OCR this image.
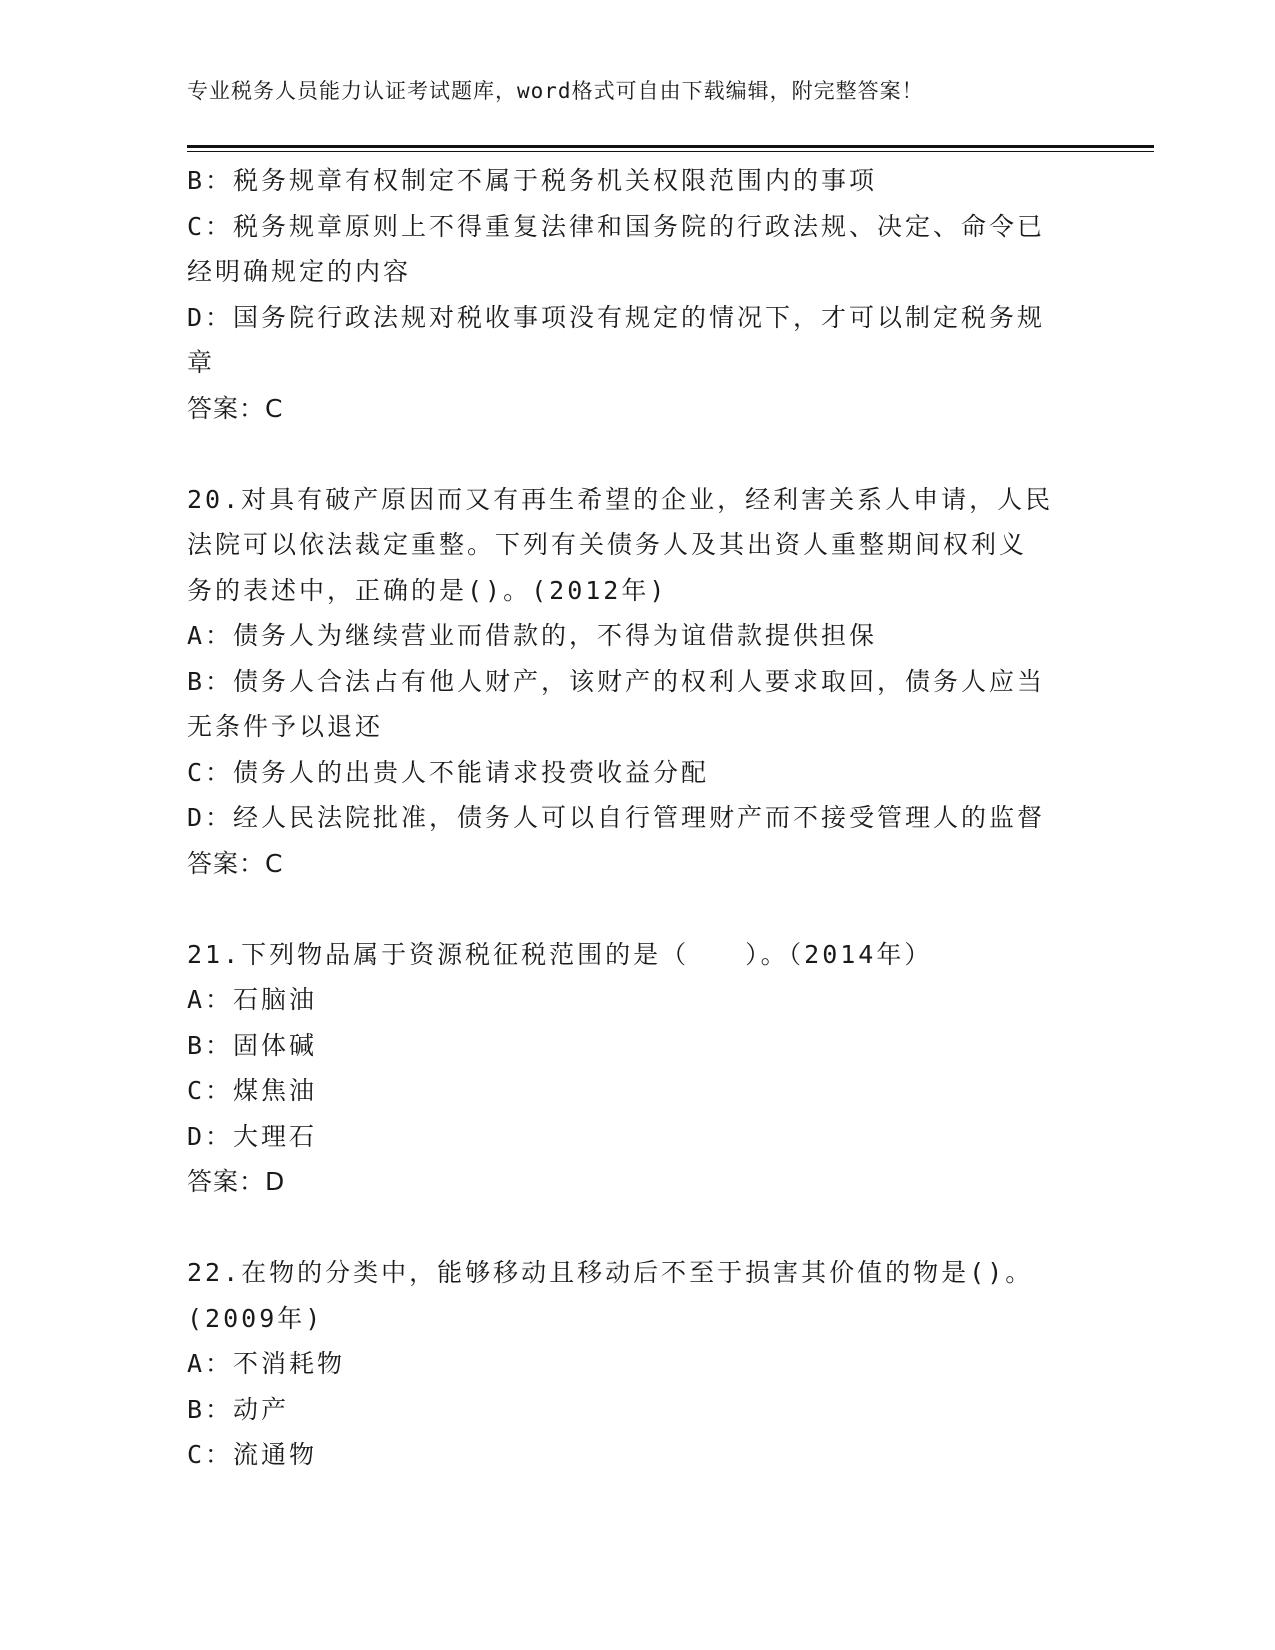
专业税务人员能力认证考试题库，word格式可自由下载编辑，附完整答案！
B：税务规章有权制定不属于税务机关权限范围内的事项
C：税务规章原则上不得重复法律和国务院的行政法规、决定、命令已
经明确规定的内容
D：国务院行政法规对税收事项没有规定的情况下，才可以制定税务规
章
答案：C
20.对具有破产原因而又有再生希望的企业，经利害关系人申请，人民
法院可以依法裁定重整。下列有关债务人及其出资人重整期间权利义
务的表述中，正确的是()。(2012年)
A：债务人为继续营业而借款的，不得为谊借款提供担保
B：债务人合法占有他人财产，该财产的权利人要求取回，债务人应当
无条件予以退还
C：债务人的出贵人不能请求投赍收益分配
D：经人民法院批准，债务人可以自行管理财产而不接受管理人的监督
答案：C
21.下列物品属于资源税征税范围的是（　　）。（2014年）
A：石脑油
B：固体碱
C：煤焦油
D：大理石
答案：D
22.在物的分类中，能够移动且移动后不至于损害其价值的物是()。
(2009年)
A：不消耗物
B：动产
C：流通物
